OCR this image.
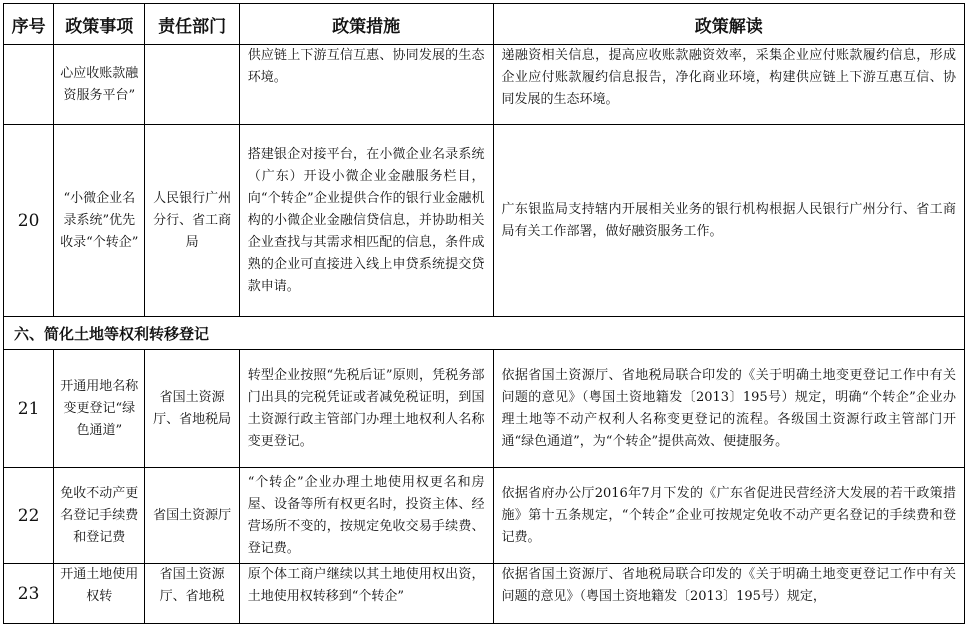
序号	政策事项	责任部门	政策措施	政策解读
	心应收账款融资服务平台”		供应链上下游互信互惠、协同发展的生态环境。	递融资相关信息，提高应收账款融资效率，采集企业应付账款履约信息，形成企业应付账款履约信息报告，净化商业环境，构建供应链上下游互惠互信、协同发展的生态环境。
20	“小微企业名录系统”优先收录“个转企”	人民银行广州分行、省工商局	搭建银企对接平台，在小微企业名录系统（广东）开设小微企业金融服务栏目，向“个转企”企业提供合作的银行业金融机构的小微企业金融信贷信息，并协助相关企业查找与其需求相匹配的信息，条件成熟的企业可直接进入线上申贷系统提交贷款申请。	广东银监局支持辖内开展相关业务的银行机构根据人民银行广州分行、省工商局有关工作部署，做好融资服务工作。
六、简化土地等权利转移登记				
21	开通用地名称变更登记“绿色通道”	省国土资源厅、省地税局	转型企业按照“先税后证”原则，凭税务部门出具的完税凭证或者减免税证明，到国土资源行政主管部门办理土地权利人名称变更登记。	依据省国土资源厅、省地税局联合印发的《关于明确土地变更登记工作中有关问题的意见》（粤国土资地籍发〔2013〕195号）规定，明确“个转企”企业办理土地等不动产权利人名称变更登记的流程。各级国土资源行政主管部门开通“绿色通道”，为“个转企”提供高效、便捷服务。
22	免收不动产更名登记手续费和登记费	省国土资源厅	“个转企”企业办理土地使用权更名和房屋、设备等所有权更名时，投资主体、经营场所不变的，按规定免收交易手续费、登记费。	依据省府办公厅2016年7月下发的《广东省促进民营经济大发展的若干政策措施》第十五条规定，“个转企”企业可按规定免收不动产更名登记的手续费和登记费。
23	开通土地使用权转	省国土资源厅、省地税	原个体工商户继续以其土地使用权出资，土地使用权转移到“个转企”	依据省国土资源厅、省地税局联合印发的《关于明确土地变更登记工作中有关问题的意见》（粤国土资地籍发〔2013〕195号）规定，
